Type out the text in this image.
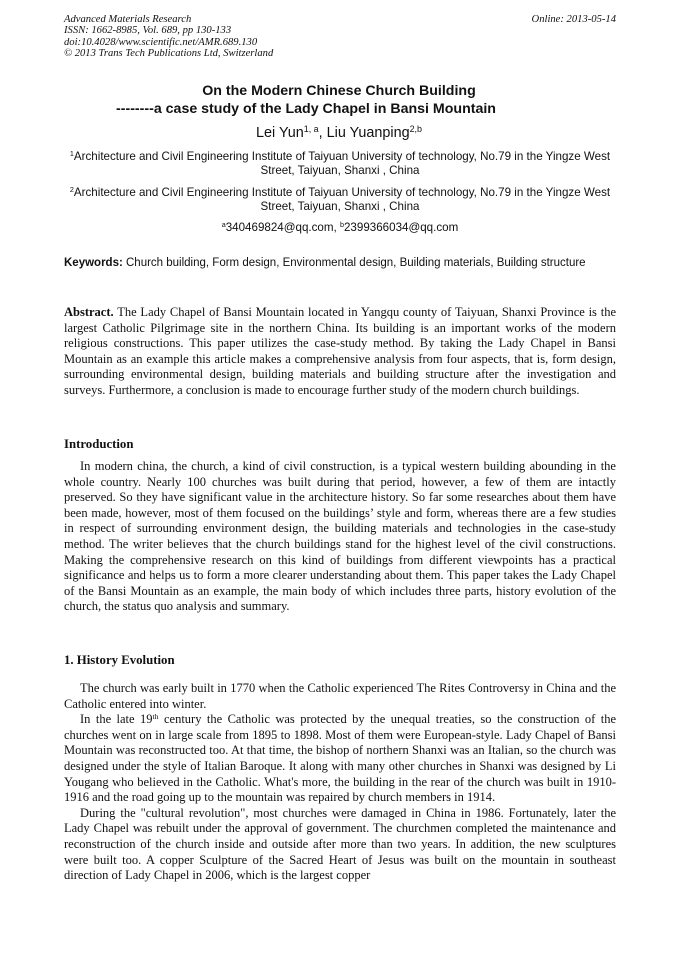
Advanced Materials Research
ISSN: 1662-8985, Vol. 689, pp 130-133
doi:10.4028/www.scientific.net/AMR.689.130
© 2013 Trans Tech Publications Ltd, Switzerland
Online: 2013-05-14
On the Modern Chinese Church Building
--------a case study of the Lady Chapel in Bansi Mountain
Lei Yun$^{1, a}$, Liu Yuanping$^{2,b}$
$^1$Architecture and Civil Engineering Institute of Taiyuan University of technology, No.79 in the Yingze West Street, Taiyuan, Shanxi , China
$^2$Architecture and Civil Engineering Institute of Taiyuan University of technology, No.79 in the Yingze West Street, Taiyuan, Shanxi , China
$^a$340469824@qq.com, $^b$2399366034@qq.com
Keywords: Church building, Form design, Environmental design, Building materials, Building structure

Abstract. The Lady Chapel of Bansi Mountain located in Yangqu county of Taiyuan, Shanxi Province is the largest Catholic Pilgrimage site in the northern China. Its building is an important works of the modern religious constructions. This paper utilizes the case-study method. By taking the Lady Chapel in Bansi Mountain as an example this article makes a comprehensive analysis from four aspects, that is, form design, surrounding environmental design, building materials and building structure after the investigation and surveys. Furthermore, a conclusion is made to encourage further study of the modern church buildings.

Introduction

In modern china, the church, a kind of civil construction, is a typical western building abounding in the whole country. Nearly 100 churches was built during that period, however, a few of them are intactly preserved. So they have significant value in the architecture history. So far some researches about them have been made, however, most of them focused on the buildings’ style and form, whereas there are a few studies in respect of surrounding environment design, the building materials and technologies in the case-study method. The writer believes that the church buildings stand for the highest level of the civil constructions. Making the comprehensive research on this kind of buildings from different viewpoints has a practical significance and helps us to form a more clearer understanding about them. This paper takes the Lady Chapel of the Bansi Mountain as an example, the main body of which includes three parts, history evolution of the church, the status quo analysis and summary.

1. History Evolution

The church was early built in 1770 when the Catholic experienced The Rites Controversy in China and the Catholic entered into winter.

In the late 19th century the Catholic was protected by the unequal treaties, so the construction of the churches went on in large scale from 1895 to 1898. Most of them were European-style. Lady Chapel of Bansi Mountain was reconstructed too. At that time, the bishop of northern Shanxi was an Italian, so the church was designed under the style of Italian Baroque. It along with many other churches in Shanxi was designed by Li Yougang who believed in the Catholic. What's more, the building in the rear of the church was built in 1910-1916 and the road going up to the mountain was repaired by church members in 1914.

During the "cultural revolution", most churches were damaged in China in 1986. Fortunately, later the Lady Chapel was rebuilt under the approval of government. The churchmen completed the maintenance and reconstruction of the church inside and outside after more than two years. In addition, the new sculptures were built too. A copper Sculpture of the Sacred Heart of Jesus was built on the mountain in southeast direction of Lady Chapel in 2006, which is the largest copper
